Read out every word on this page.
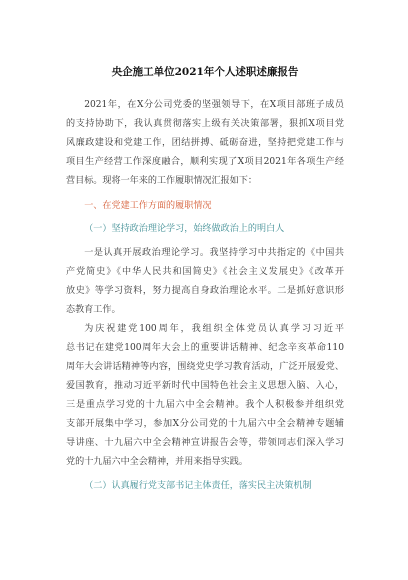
央企施工单位2021年个人述职述廉报告
2021年，在X分公司党委的坚强领导下，在X项目部班子成员
的支持协助下，我认真贯彻落实上级有关决策部署，狠抓X项目党
风廉政建设和党建工作，团结拼搏、砥砺奋进，坚持把党建工作与
项目生产经营工作深度融合，顺利实现了X项目2021年各项生产经
营目标。现将一年来的工作履职情况汇报如下：
一、在党建工作方面的履职情况
（一）坚持政治理论学习，始终做政治上的明白人
一是认真开展政治理论学习。我坚持学习中共指定的《中国共
产党简史》《中华人民共和国简史》《社会主义发展史》《改革开
放史》等学习资料，努力提高自身政治理论水平。二是抓好意识形
态教育工作。
为庆祝建党100周年，我组织全体党员认真学习习近平
总书记在建党100周年大会上的重要讲话精神、纪念辛亥革命110
周年大会讲话精神等内容，围绕党史学习教育活动，广泛开展爱党、
爱国教育，推动习近平新时代中国特色社会主义思想入脑、入心，
三是重点学习党的十九届六中全会精神。我个人积极参并组织党
支部开展集中学习，参加X分公司党的十九届六中全会精神专题辅
导讲座、十九届六中全会精神宣讲报告会等，带领同志们深入学习
党的十九届六中全会精神，并用来指导实践。
（二）认真履行党支部书记主体责任，落实民主决策机制
